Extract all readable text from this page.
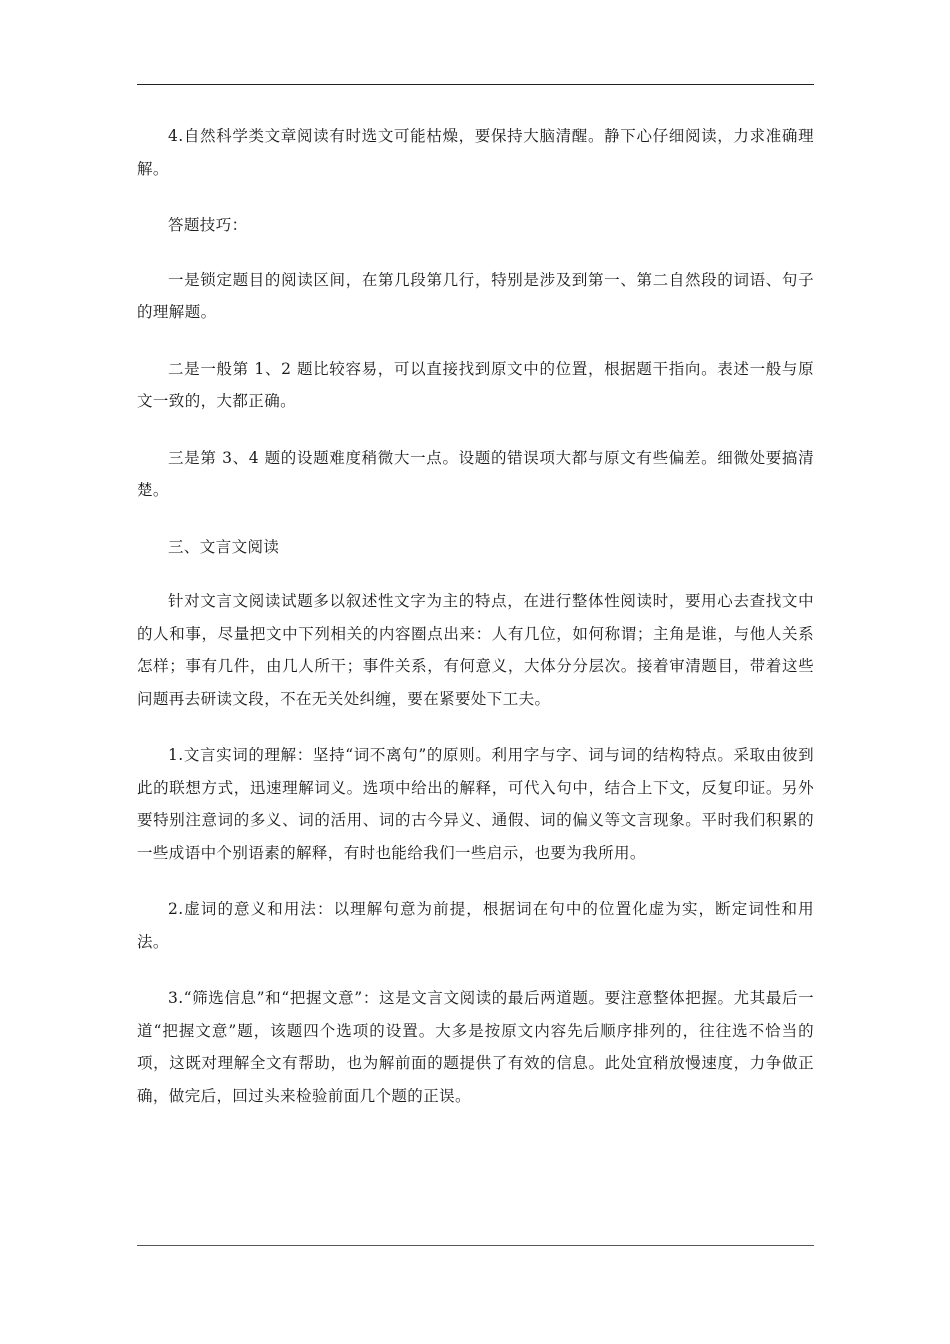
4.自然科学类文章阅读有时选文可能枯燥，要保持大脑清醒。静下心仔细阅读，力求准确理解。

答题技巧：

一是锁定题目的阅读区间，在第几段第几行，特别是涉及到第一、第二自然段的词语、句子的理解题。

二是一般第 1、2 题比较容易，可以直接找到原文中的位置，根据题干指向。表述一般与原文一致的，大都正确。

三是第 3、4 题的设题难度稍微大一点。设题的错误项大都与原文有些偏差。细微处要搞清楚。

三、文言文阅读

针对文言文阅读试题多以叙述性文字为主的特点，在进行整体性阅读时，要用心去查找文中的人和事，尽量把文中下列相关的内容圈点出来：人有几位，如何称谓；主角是谁，与他人关系怎样；事有几件，由几人所干；事件关系，有何意义，大体分分层次。接着审清题目，带着这些问题再去研读文段，不在无关处纠缠，要在紧要处下工夫。

1.文言实词的理解：坚持“词不离句”的原则。利用字与字、词与词的结构特点。采取由彼到此的联想方式，迅速理解词义。选项中给出的解释，可代入句中，结合上下文，反复印证。另外要特别注意词的多义、词的活用、词的古今异义、通假、词的偏义等文言现象。平时我们积累的一些成语中个别语素的解释，有时也能给我们一些启示，也要为我所用。

2.虚词的意义和用法：以理解句意为前提，根据词在句中的位置化虚为实，断定词性和用法。

3.“筛选信息”和“把握文意”：这是文言文阅读的最后两道题。要注意整体把握。尤其最后一道“把握文意”题，该题四个选项的设置。大多是按原文内容先后顺序排列的，往往选不恰当的项，这既对理解全文有帮助，也为解前面的题提供了有效的信息。此处宜稍放慢速度，力争做正确，做完后，回过头来检验前面几个题的正误。
